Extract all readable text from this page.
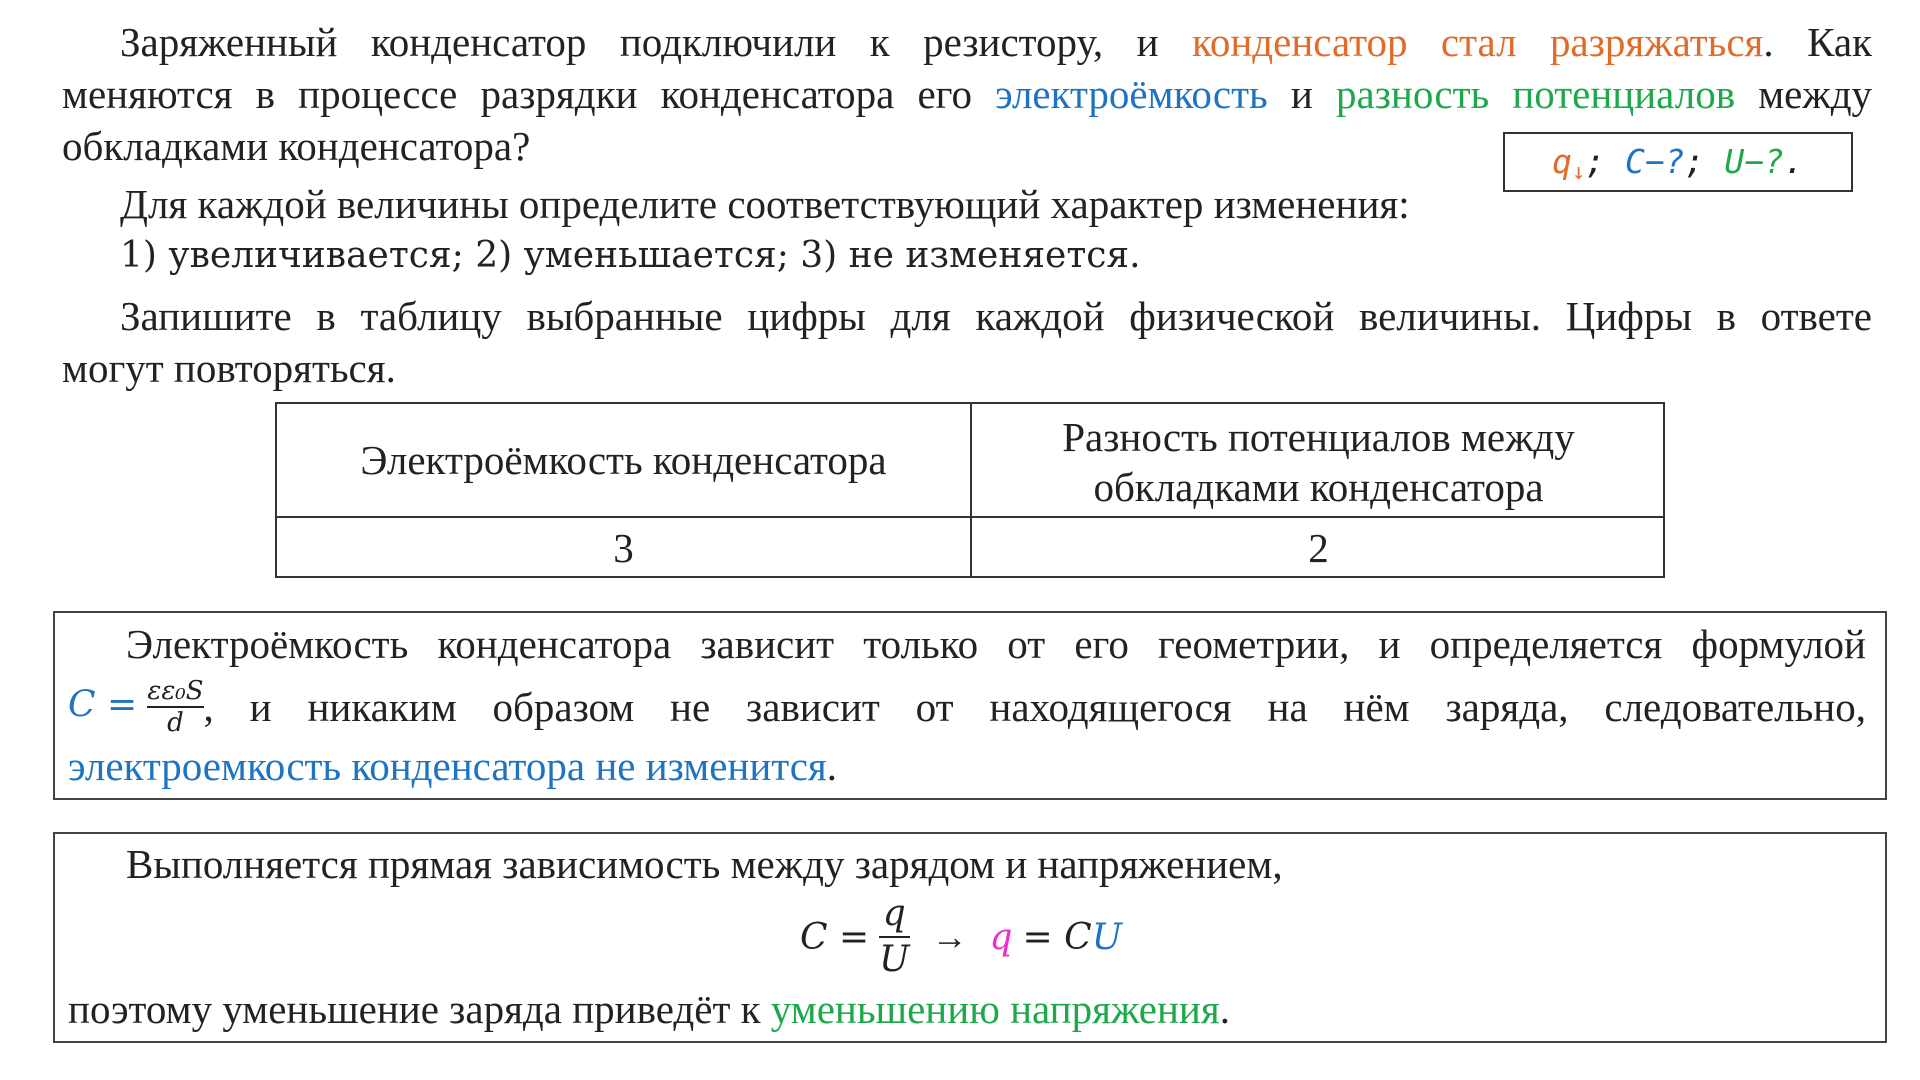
Заряженный конденсатор подключили к резистору, и конденсатор стал разряжаться. Как
меняются в процессе разрядки конденсатора его электроёмкость и разность потенциалов между
обкладками конденсатора?	$q_↓$; C−?; U−?.
Для каждой величины определите соответствующий характер изменения:
1) увеличивается; 2) уменьшается; 3) не изменяется.
Запишите в таблицу выбранные цифры для каждой физической величины. Цифры в ответе
могут повторяться.
Электроёмкость конденсатора	Разность потенциалов между
обкладками конденсатора
3	2
Электроёмкость конденсатора зависит только от его геометрии, и определяется формулой
$C = \frac{\text{εε₀S}}{d}$ , и никаким образом не зависит от находящегося на нём заряда, следовательно,
электроемкость конденсатора не изменится.
Выполняется прямая зависимость между зарядом и напряжением,
$C = \frac{q}{U} \to q = C$ U
поэтому уменьшение заряда приведёт к уменьшению напряжения.
